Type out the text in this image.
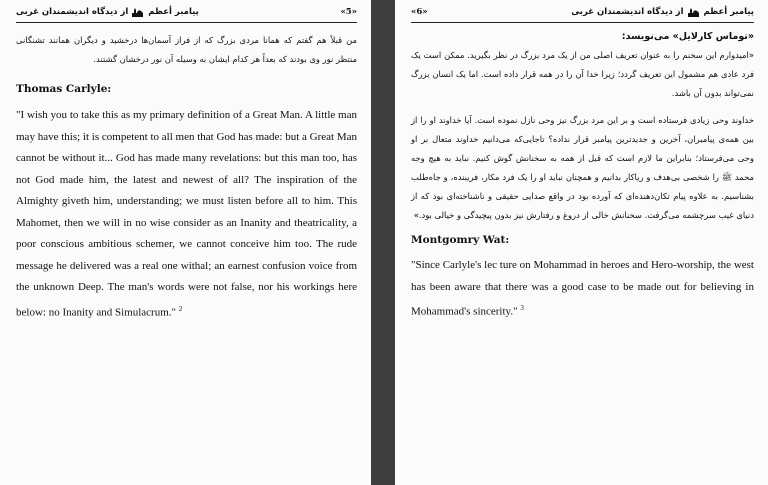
پیامبر أعظم
از دیدگاه اندیشمندان غربی	«5»

من قبلاً هم گفتم که همانا مردی بزرگ که از فراز آسمان‌ها درخشید و دیگران همانند تشنگانی منتظر نور وی بودند که بعداً هر کدام ایشان به وسیله آن نور درخشان گشتند.

Thomas Carlyle:

"I wish you to take this as my primary definition of a Great Man. A little man may have this; it is competent to all men that God has made: but a Great Man cannot be without it... God has made many revelations: but this man too, has not God made him, the latest and newest of all? The inspiration of the Almighty giveth him, understanding; we must listen before all to him. This Mahomet, then we will in no wise consider as an Inanity and theatricality, a poor conscious ambitious schemer, we cannot conceive him too. The rude message he delivered was a real one withal; an earnest confusion voice from the unknown Deep. The man's words were not false, nor his workings here below: no Inanity and Simulacrum." $^2$

«6»	پیامبر أعظم
از دیدگاه اندیشمندان غربی

«توماس کارلایل» می‌نویسد:

«امیدوارم این سخنم را به عنوان تعریف اصلی من از یک مرد بزرگ در نظر بگیرید. ممکن است یک فرد عادی هم مشمول این تعریف گردد؛ زیرا خدا آن را در همه قرار داده است. اما یک انسان بزرگ نمی‌تواند بدون آن باشد.

خداوند وحی زیادی فرستاده است و بر این مرد بزرگ نیز وحی نازل نموده است. آیا خداوند او را از بین همه‌ی پیامبران، آخرین و جدیدترین پیامبر قرار نداده؟ تاجایی‌که می‌دانیم خداوند متعال بر او وحی می‌فرستاد؛ بنابراین ما لازم است که قبل از همه به سخنانش گوش کنیم. نباید به هیچ وجه محمد ﷺ را شخصی بی‌هدف و ریاکار بدانیم و همچنان نباید او را یک فرد مکار، فریبنده، و جاه‌طلب بشناسیم. به علاوه پیام تکان‌دهنده‌ای که آورده بود در واقع صدایی حقیقی و ناشناخته‌ای بود که از دنیای غیب سرچشمه می‌گرفت. سخنانش خالی از دروغ و رفتارش نیز بدون پیچیدگی و خیالی بود.»

Montgomry Wat:

"Since Carlyle's lec ture on Mohammad in heroes and Hero-worship, the west has been aware that there was a good case to be made out for believing in Mohammad's sincerity." $^3$
